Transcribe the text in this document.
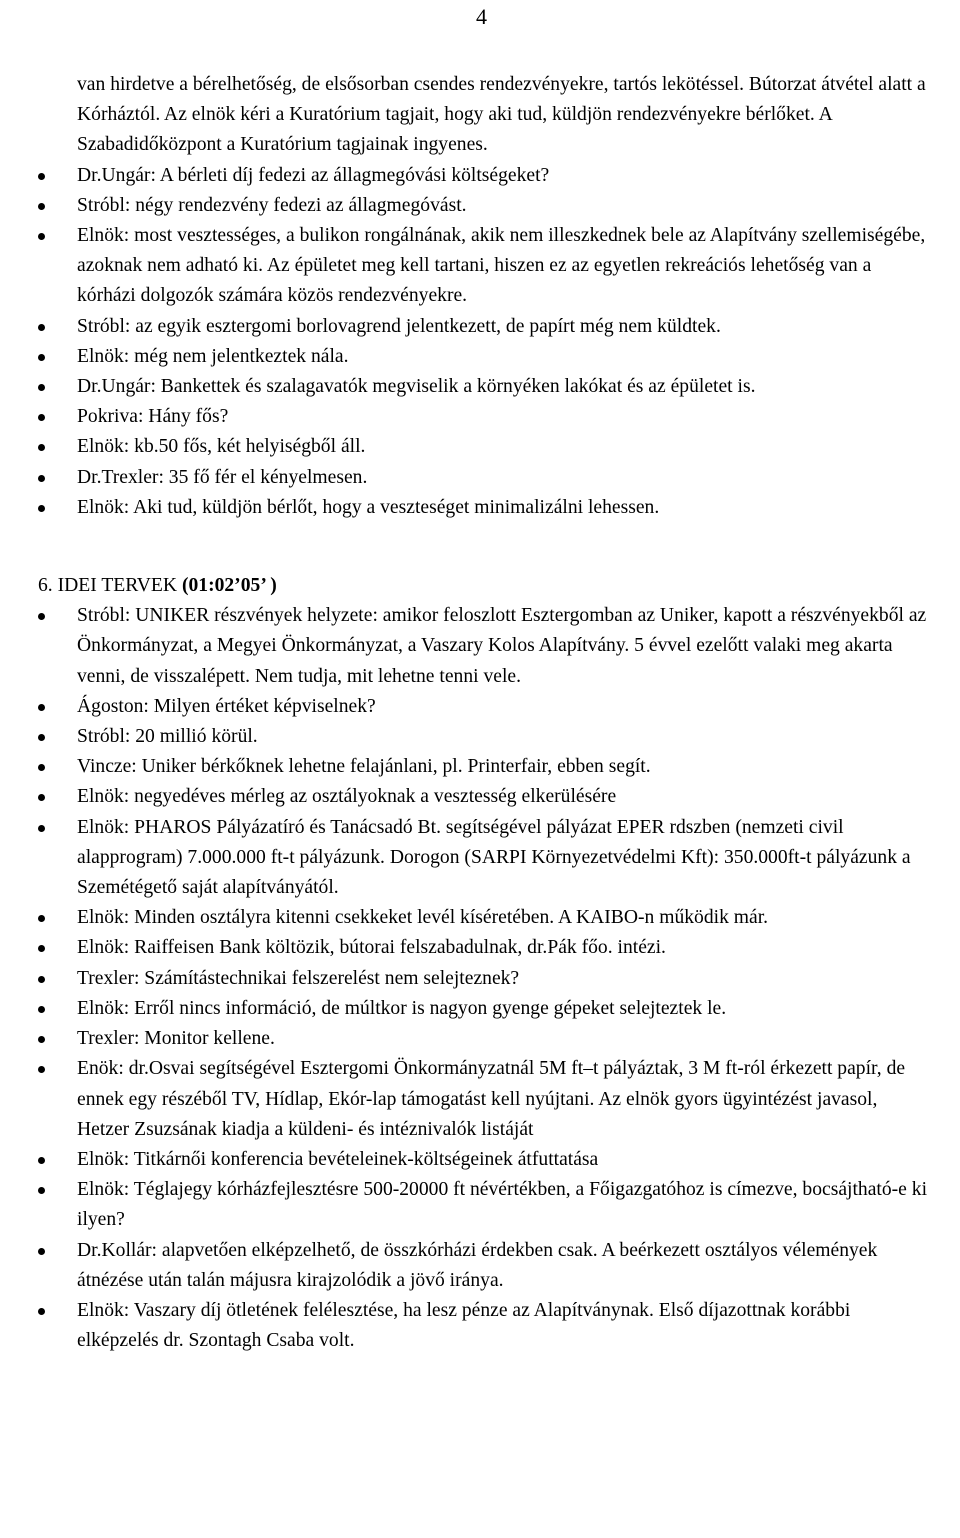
4
van hirdetve a bérelhetőség, de elsősorban csendes rendezvényekre, tartós lekötéssel. Bútorzat átvétel alatt a Kórháztól. Az elnök kéri a Kuratórium tagjait, hogy aki tud, küldjön rendezvényekre bérlőket. A Szabadidőközpont a Kuratórium tagjainak ingyenes.
Dr.Ungár: A bérleti díj fedezi az állagmegóvási költségeket?
Stróbl: négy rendezvény fedezi az állagmegóvást.
Elnök: most vesztességes, a bulikon rongálnának, akik nem illeszkednek bele az Alapítvány szellemiségébe, azoknak nem adható ki. Az épületet meg kell tartani, hiszen ez az egyetlen rekreációs lehetőség van a kórházi dolgozók számára közös rendezvényekre.
Stróbl: az egyik esztergomi borlovagrend jelentkezett, de papírt még nem küldtek.
Elnök: még nem jelentkeztek nála.
Dr.Ungár: Bankettek és szalagavatók megviselik a környéken lakókat és az épületet is.
Pokriva: Hány fős?
Elnök: kb.50 fős, két helyiségből áll.
Dr.Trexler: 35 fő fér el kényelmesen.
Elnök: Aki tud, küldjön bérlőt, hogy a veszteséget minimalizálni lehessen.
6. IDEI TERVEK (01:02’05’ )
Stróbl: UNIKER részvények helyzete: amikor feloszlott Esztergomban az Uniker, kapott a részvényekből az Önkormányzat, a Megyei Önkormányzat, a Vaszary Kolos Alapítvány. 5 évvel ezelőtt valaki meg akarta venni, de visszalépett. Nem tudja, mit lehetne tenni vele.
Ágoston: Milyen értéket képviselnek?
Stróbl: 20 millió körül.
Vincze: Uniker bérkőknek lehetne felajánlani, pl. Printerfair, ebben segít.
Elnök: negyedéves mérleg az osztályoknak a vesztesség elkerülésére
Elnök: PHAROS Pályázatíró és Tanácsadó Bt. segítségével pályázat EPER rdszben (nemzeti civil alapprogram) 7.000.000 ft-t pályázunk. Dorogon (SARPI Környezetvédelmi Kft): 350.000ft-t pályázunk a Szemétégető saját alapítványától.
Elnök: Minden osztályra kitenni csekkeket levél kíséretében. A KAIBO-n működik már.
Elnök: Raiffeisen Bank költözik, bútorai felszabadulnak, dr.Pák főo. intézi.
Trexler: Számítástechnikai felszerelést nem selejteznek?
Elnök: Erről nincs információ, de múltkor is nagyon gyenge gépeket selejteztek le.
Trexler: Monitor kellene.
Enök: dr.Osvai segítségével Esztergomi Önkormányzatnál 5M ft–t pályáztak, 3 M ft-ról érkezett papír, de ennek egy részéből TV, Hídlap, Ekór-lap támogatást kell nyújtani. Az elnök gyors ügyintézést javasol, Hetzer Zsuzsának kiadja a küldeni- és intéznivalók listáját
Elnök: Titkárnői konferencia bevételeinek-költségeinek átfuttatása
Elnök: Téglajegy kórházfejlesztésre 500-20000 ft névértékben, a Főigazgatóhoz is címezve, bocsájtható-e ki ilyen?
Dr.Kollár: alapvetően elképzelhető, de összkórházi érdekben csak. A beérkezett osztályos vélemények átnézése után talán májusra kirajzolódik a jövő iránya.
Elnök: Vaszary díj ötletének felélesztése, ha lesz pénze az Alapítványnak. Első díjazottnak korábbi elképzelés dr. Szontagh Csaba volt.
